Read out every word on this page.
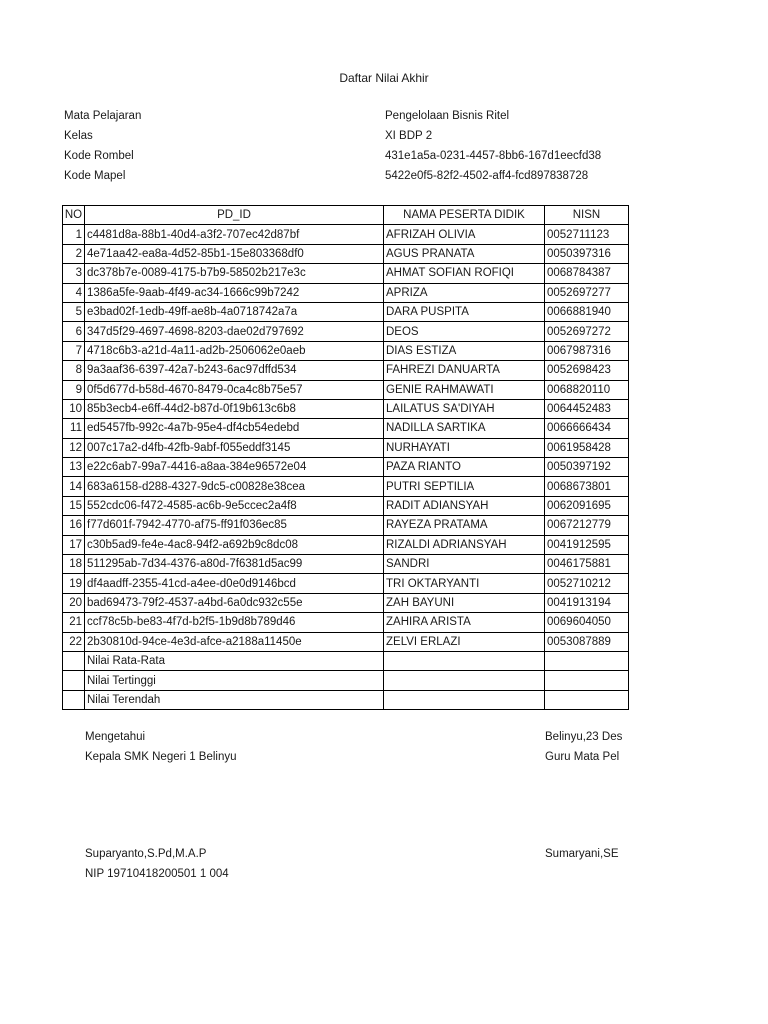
Daftar Nilai Akhir
Mata Pelajaran	Pengelolaan Bisnis Ritel
Kelas	XI BDP 2
Kode Rombel	431e1a5a-0231-4457-8bb6-167d1eecfd38
Kode Mapel	5422e0f5-82f2-4502-aff4-fcd897838728
NO	PD_ID	NAMA PESERTA DIDIK	NISN
1	c4481d8a-88b1-40d4-a3f2-707ec42d87bf	AFRIZAH OLIVIA	0052711123
2	4e71aa42-ea8a-4d52-85b1-15e803368df0	AGUS PRANATA	0050397316
3	dc378b7e-0089-4175-b7b9-58502b217e3c	AHMAT SOFIAN ROFIQI	0068784387
4	1386a5fe-9aab-4f49-ac34-1666c99b7242	APRIZA	0052697277
5	e3bad02f-1edb-49ff-ae8b-4a0718742a7a	DARA PUSPITA	0066881940
6	347d5f29-4697-4698-8203-dae02d797692	DEOS	0052697272
7	4718c6b3-a21d-4a11-ad2b-2506062e0aeb	DIAS ESTIZA	0067987316
8	9a3aaf36-6397-42a7-b243-6ac97dffd534	FAHREZI DANUARTA	0052698423
9	0f5d677d-b58d-4670-8479-0ca4c8b75e57	GENIE RAHMAWATI	0068820110
10	85b3ecb4-e6ff-44d2-b87d-0f19b613c6b8	LAILATUS SA'DIYAH	0064452483
11	ed5457fb-992c-4a7b-95e4-df4cb54edebd	NADILLA SARTIKA	0066666434
12	007c17a2-d4fb-42fb-9abf-f055eddf3145	NURHAYATI	0061958428
13	e22c6ab7-99a7-4416-a8aa-384e96572e04	PAZA RIANTO	0050397192
14	683a6158-d288-4327-9dc5-c00828e38cea	PUTRI SEPTILIA	0068673801
15	552cdc06-f472-4585-ac6b-9e5ccec2a4f8	RADIT ADIANSYAH	0062091695
16	f77d601f-7942-4770-af75-ff91f036ec85	RAYEZA PRATAMA	0067212779
17	c30b5ad9-fe4e-4ac8-94f2-a692b9c8dc08	RIZALDI ADRIANSYAH	0041912595
18	511295ab-7d34-4376-a80d-7f6381d5ac99	SANDRI	0046175881
19	df4aadff-2355-41cd-a4ee-d0e0d9146bcd	TRI OKTARYANTI	0052710212
20	bad69473-79f2-4537-a4bd-6a0dc932c55e	ZAH BAYUNI	0041913194
21	ccf78c5b-be83-4f7d-b2f5-1b9d8b789d46	ZAHIRA ARISTA	0069604050
22	2b30810d-94ce-4e3d-afce-a2188a11450e	ZELVI ERLAZI	0053087889
	Nilai Rata-Rata		
	Nilai Tertinggi		
	Nilai Terendah		
Mengetahui
Kepala SMK Negeri 1 Belinyu
Suparyanto,S.Pd,M.A.P
NIP 19710418200501 1 004
Belinyu,23 Des
Guru Mata Pel
Sumaryani,SE
